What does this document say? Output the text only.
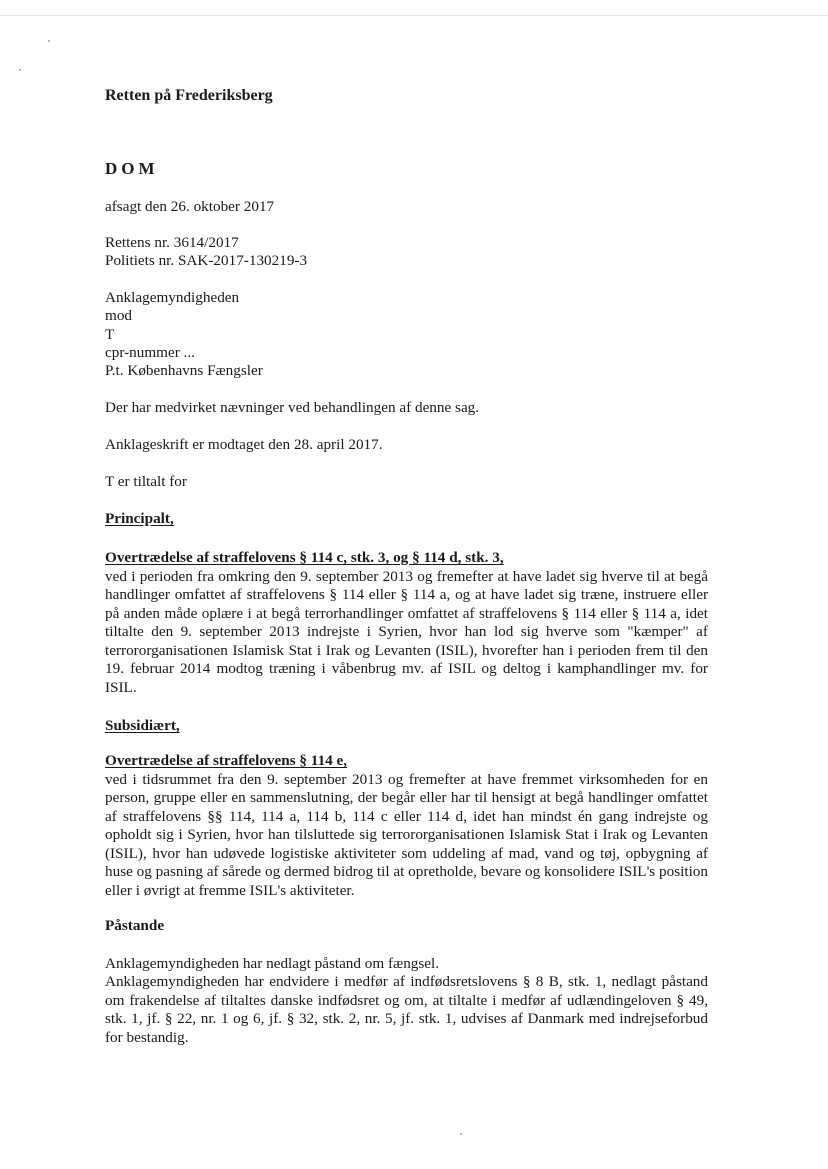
Retten på Frederiksberg
DOM
afsagt den 26. oktober 2017
Rettens nr. 3614/2017
Politiets nr. SAK-2017-130219-3
Anklagemyndigheden
mod
T
cpr-nummer ...
P.t. Københavns Fængsler
Der har medvirket nævninger ved behandlingen af denne sag.
Anklageskrift er modtaget den 28. april 2017.
T er tiltalt for
Principalt,
Overtrædelse af straffelovens § 114 c, stk. 3, og § 114 d, stk. 3,
ved i perioden fra omkring den 9. september 2013 og fremefter at have ladet sig hverve til at begå handlinger omfattet af straffelovens § 114 eller § 114 a, og at have ladet sig træne, instruere eller på anden måde oplære i at begå terrorhandlinger omfattet af straffelovens § 114 eller § 114 a, idet tiltalte den 9. september 2013 indrejste i Syrien, hvor han lod sig hverve som "kæmper" af terrororganisationen Islamisk Stat i Irak og Levanten (ISIL), hvorefter han i perioden frem til den 19. februar 2014 modtog træning i våbenbrug mv. af ISIL og deltog i kamphandlinger mv. for ISIL.
Subsidiært,
Overtrædelse af straffelovens § 114 e,
ved i tidsrummet fra den 9. september 2013 og fremefter at have fremmet virksomheden for en person, gruppe eller en sammenslutning, der begår eller har til hensigt at begå handlinger omfattet af straffelovens §§ 114, 114 a, 114 b, 114 c eller 114 d, idet han mindst én gang indrejste og opholdt sig i Syrien, hvor han tilsluttede sig terrororganisationen Islamisk Stat i Irak og Levanten (ISIL), hvor han udøvede logistiske aktiviteter som uddeling af mad, vand og tøj, opbygning af huse og pasning af sårede og dermed bidrog til at opretholde, bevare og konsolidere ISIL's position eller i øvrigt at fremme ISIL's aktiviteter.
Påstande
Anklagemyndigheden har nedlagt påstand om fængsel.
Anklagemyndigheden har endvidere i medfør af indfødsretslovens § 8 B, stk. 1, nedlagt påstand om frakendelse af tiltaltes danske indfødsret og om, at tiltalte i medfør af udlændingeloven § 49, stk. 1, jf. § 22, nr. 1 og 6, jf. § 32, stk. 2, nr. 5, jf. stk. 1, udvises af Danmark med indrejseforbud for bestandig.
